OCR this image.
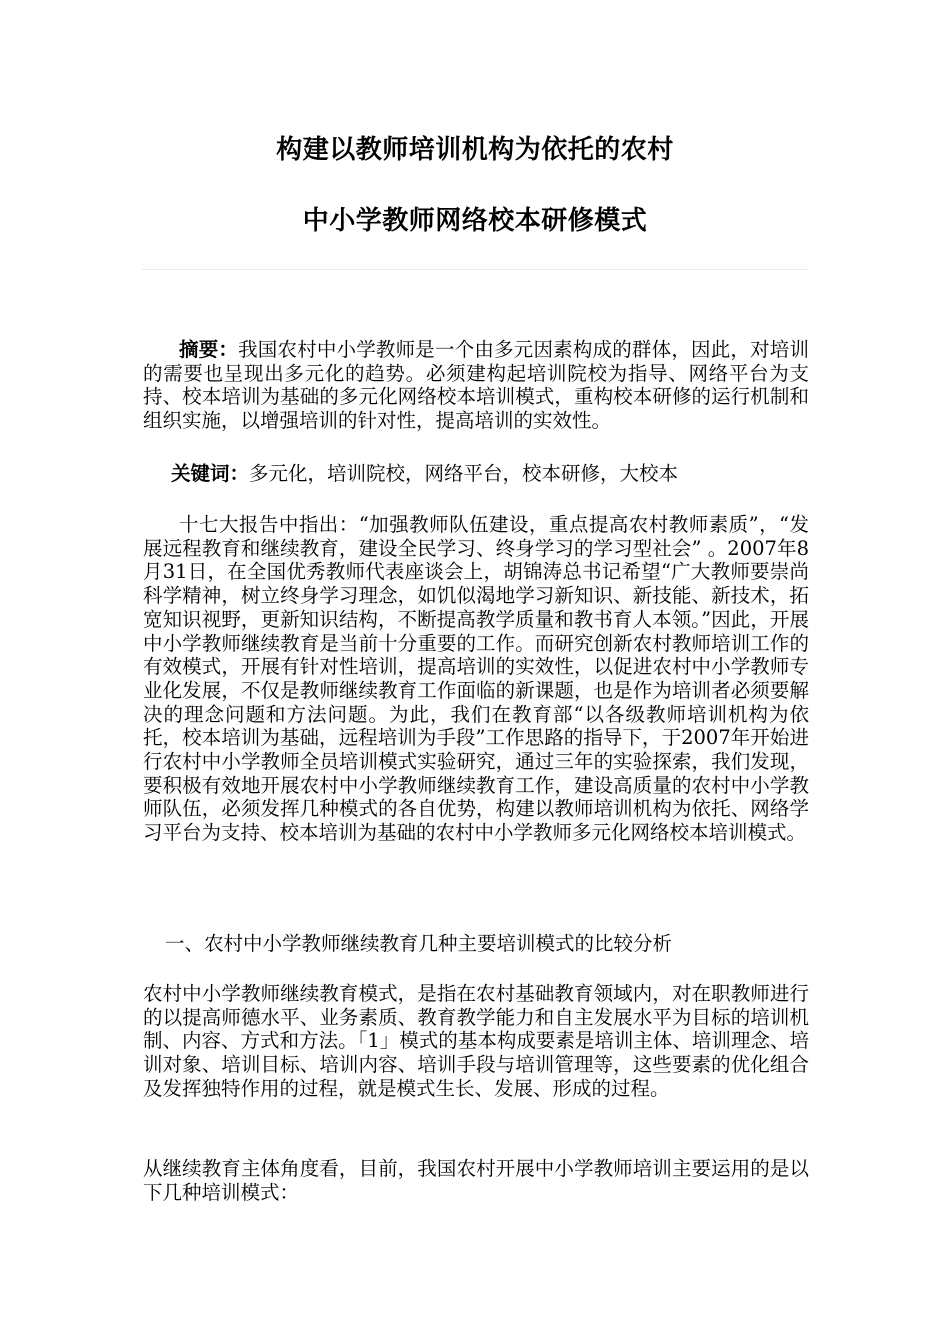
构建以教师培训机构为依托的农村
中小学教师网络校本研修模式

摘要：我国农村中小学教师是一个由多元因素构成的群体，因此，对培训的需要也呈现出多元化的趋势。必须建构起培训院校为指导、网络平台为支持、校本培训为基础的多元化网络校本培训模式，重构校本研修的运行机制和组织实施，以增强培训的针对性，提高培训的实效性。

关键词：多元化，培训院校，网络平台，校本研修，大校本

十七大报告中指出：“加强教师队伍建设，重点提高农村教师素质”，“发展远程教育和继续教育，建设全民学习、终身学习的学习型社会” 。2007年8月31日，在全国优秀教师代表座谈会上，胡锦涛总书记希望“广大教师要崇尚科学精神，树立终身学习理念，如饥似渴地学习新知识、新技能、新技术，拓宽知识视野，更新知识结构，不断提高教学质量和教书育人本领。”因此，开展中小学教师继续教育是当前十分重要的工作。而研究创新农村教师培训工作的有效模式，开展有针对性培训，提高培训的实效性，以促进农村中小学教师专业化发展，不仅是教师继续教育工作面临的新课题，也是作为培训者必须要解决的理念问题和方法问题。为此，我们在教育部“以各级教师培训机构为依托，校本培训为基础，远程培训为手段”工作思路的指导下，于2007年开始进行农村中小学教师全员培训模式实验研究，通过三年的实验探索，我们发现，要积极有效地开展农村中小学教师继续教育工作，建设高质量的农村中小学教师队伍，必须发挥几种模式的各自优势，构建以教师培训机构为依托、网络学习平台为支持、校本培训为基础的农村中小学教师多元化网络校本培训模式。

一、农村中小学教师继续教育几种主要培训模式的比较分析

农村中小学教师继续教育模式，是指在农村基础教育领域内，对在职教师进行的以提高师德水平、业务素质、教育教学能力和自主发展水平为目标的培训机制、内容、方式和方法。「1」模式的基本构成要素是培训主体、培训理念、培训对象、培训目标、培训内容、培训手段与培训管理等，这些要素的优化组合及发挥独特作用的过程，就是模式生长、发展、形成的过程。

从继续教育主体角度看，目前，我国农村开展中小学教师培训主要运用的是以下几种培训模式：
